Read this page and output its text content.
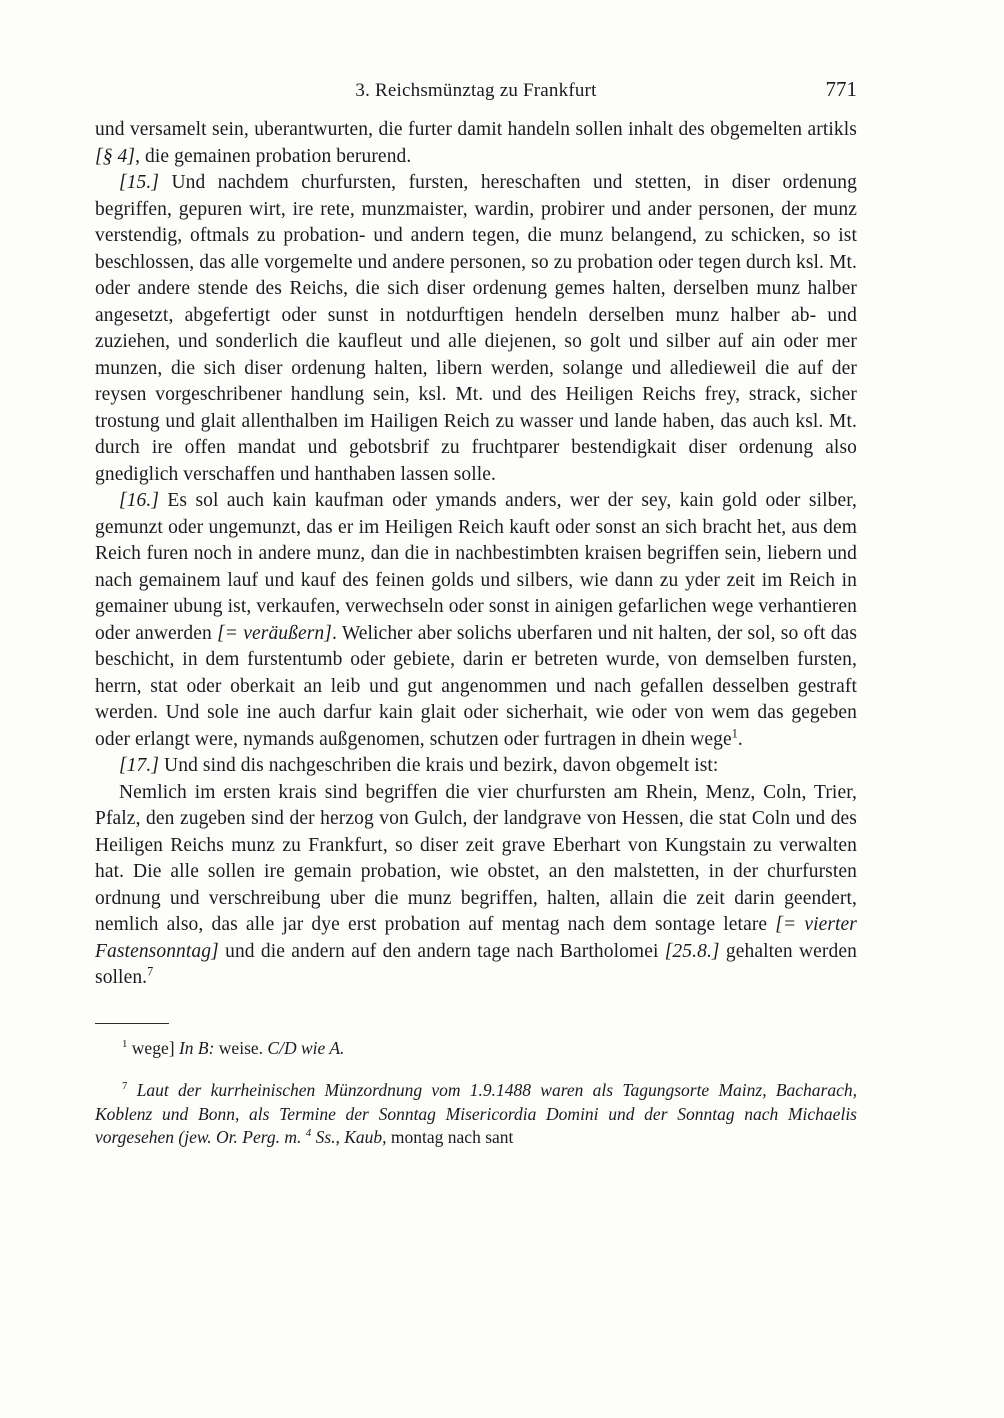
3. Reichsmünztag zu Frankfurt	771

und versamelt sein, uberantwurten, die furter damit handeln sollen inhalt des obgemelten artikls [§ 4], die gemainen probation berurend.

[15.] Und nachdem churfursten, fursten, hereschaften und stetten, in diser ordenung begriffen, gepuren wirt, ire rete, munzmaister, wardin, probirer und ander personen, der munz verstendig, oftmals zu probation- und andern tegen, die munz belangend, zu schicken, so ist beschlossen, das alle vorgemelte und andere personen, so zu probation oder tegen durch ksl. Mt. oder andere stende des Reichs, die sich diser ordenung gemes halten, derselben munz halber angesetzt, abgefertigt oder sunst in notdurftigen hendeln derselben munz halber ab- und zuziehen, und sonderlich die kaufleut und alle diejenen, so golt und silber auf ain oder mer munzen, die sich diser ordenung halten, libern werden, solange und alledieweil die auf der reysen vorgeschribener handlung sein, ksl. Mt. und des Heiligen Reichs frey, strack, sicher trostung und glait allenthalben im Hailigen Reich zu wasser und lande haben, das auch ksl. Mt. durch ire offen mandat und gebotsbrif zu fruchtparer bestendigkait diser ordenung also gnediglich verschaffen und hanthaben lassen solle.

[16.] Es sol auch kain kaufman oder ymands anders, wer der sey, kain gold oder silber, gemunzt oder ungemunzt, das er im Heiligen Reich kauft oder sonst an sich bracht het, aus dem Reich furen noch in andere munz, dan die in nachbestimbten kraisen begriffen sein, liebern und nach gemainem lauf und kauf des feinen golds und silbers, wie dann zu yder zeit im Reich in gemainer ubung ist, verkaufen, verwechseln oder sonst in ainigen gefarlichen wege verhantieren oder anwerden [= veräußern]. Welicher aber solichs uberfaren und nit halten, der sol, so oft das beschicht, in dem furstentumb oder gebiete, darin er betreten wurde, von demselben fursten, herrn, stat oder oberkait an leib und gut angenommen und nach gefallen desselben gestraft werden. Und sole ine auch darfur kain glait oder sicherhait, wie oder von wem das gegeben oder erlangt were, nymands außgenomen, schutzen oder furtragen in dhein wege$^1$.

[17.] Und sind dis nachgeschriben die krais und bezirk, davon obgemelt ist:

Nemlich im ersten krais sind begriffen die vier churfursten am Rhein, Menz, Coln, Trier, Pfalz, den zugeben sind der herzog von Gulch, der landgrave von Hessen, die stat Coln und des Heiligen Reichs munz zu Frankfurt, so diser zeit grave Eberhart von Kungstain zu verwalten hat. Die alle sollen ire gemain probation, wie obstet, an den malstetten, in der churfursten ordnung und verschreibung uber die munz begriffen, halten, allain die zeit darin geendert, nemlich also, das alle jar dye erst probation auf mentag nach dem sontage letare [= vierter Fastensonntag] und die andern auf den andern tage nach Bartholomei [25.8.] gehalten werden sollen.$^7$

$^1$ wege] In B: weise. C/D wie A.

$^7$ Laut der kurrheinischen Münzordnung vom 1.9.1488 waren als Tagungsorte Mainz, Bacharach, Koblenz und Bonn, als Termine der Sonntag Misericordia Domini und der Sonntag nach Michaelis vorgesehen (jew. Or. Perg. m. $^4$ Ss., Kaub, montag nach sant
